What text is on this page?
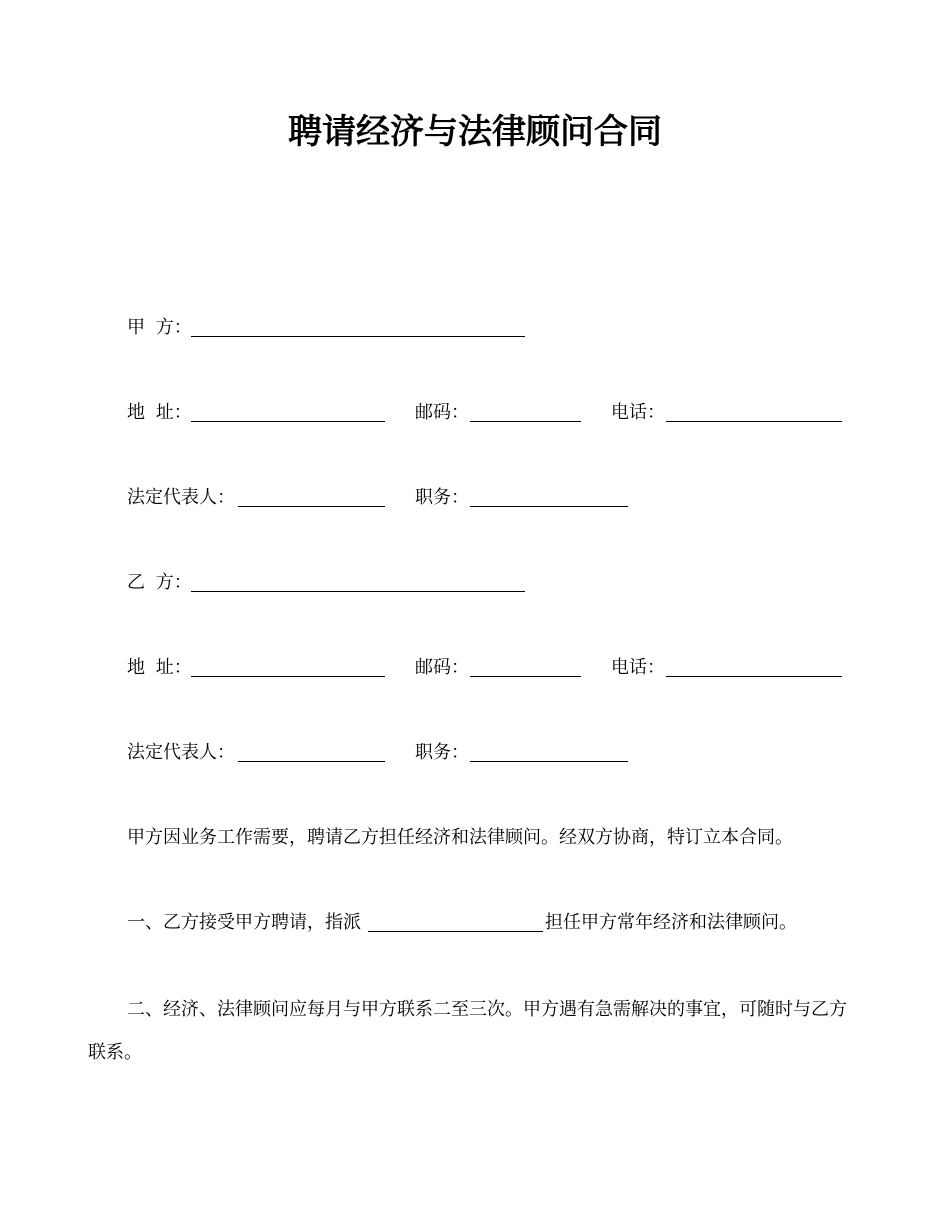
聘请经济与法律顾问合同
甲 方：
地 址：	邮码：	电话：
法定代表人：	职务：
乙 方：
地 址：	邮码：	电话：
法定代表人：	职务：
甲方因业务工作需要，聘请乙方担任经济和法律顾问。经双方协商，特订立本合同。
一、乙方接受甲方聘请，指派	担任甲方常年经济和法律顾问。

二、经济、法律顾问应每月与甲方联系二至三次。甲方遇有急需解决的事宜，可随时与乙方联系。
